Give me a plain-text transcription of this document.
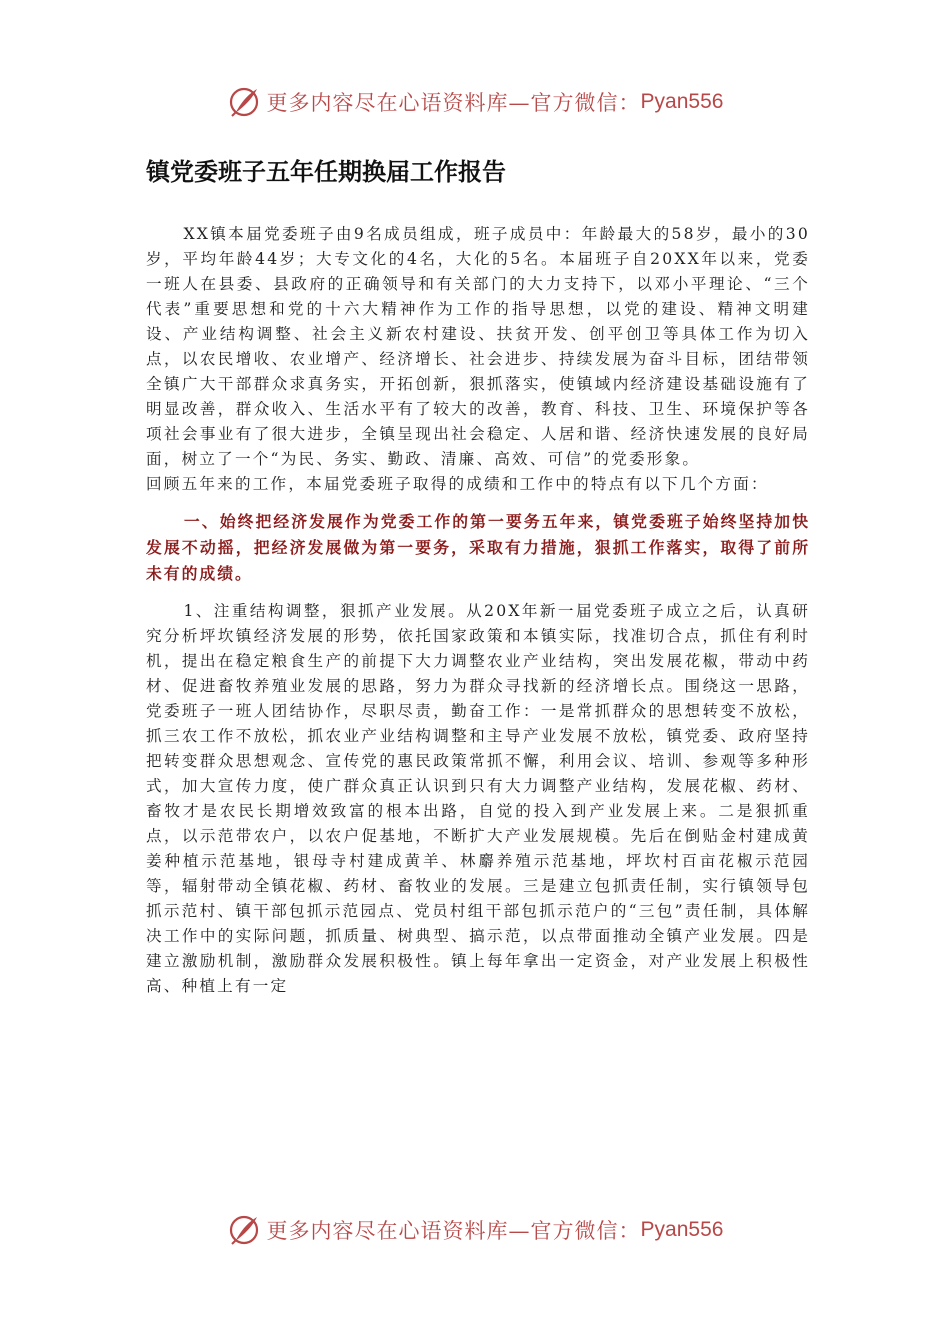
更多内容尽在心语资料库—官方微信： Pyan556
镇党委班子五年任期换届工作报告

XX镇本届党委班子由9名成员组成，班子成员中：年龄最大的58岁，最小的30岁，平均年龄44岁；大专文化的4名，大化的5名。本届班子自20XX年以来，党委一班人在县委、县政府的正确领导和有关部门的大力支持下，以邓小平理论、“三个代表”重要思想和党的十六大精神作为工作的指导思想，以党的建设、精神文明建设、产业结构调整、社会主义新农村建设、扶贫开发、创平创卫等具体工作为切入点，以农民增收、农业增产、经济增长、社会进步、持续发展为奋斗目标，团结带领全镇广大干部群众求真务实，开拓创新，狠抓落实，使镇域内经济建设基础设施有了明显改善，群众收入、生活水平有了较大的改善，教育、科技、卫生、环境保护等各项社会事业有了很大进步，全镇呈现出社会稳定、人居和谐、经济快速发展的良好局面，树立了一个“为民、务实、勤政、清廉、高效、可信”的党委形象。

回顾五年来的工作，本届党委班子取得的成绩和工作中的特点有以下几个方面：

一、始终把经济发展作为党委工作的第一要务五年来，镇党委班子始终坚持加快发展不动摇，把经济发展做为第一要务，采取有力措施，狠抓工作落实，取得了前所未有的成绩。

1、注重结构调整，狠抓产业发展。从20X年新一届党委班子成立之后，认真研究分析坪坎镇经济发展的形势，依托国家政策和本镇实际，找准切合点，抓住有利时机，提出在稳定粮食生产的前提下大力调整农业产业结构，突出发展花椒，带动中药材、促进畜牧养殖业发展的思路，努力为群众寻找新的经济增长点。围绕这一思路，党委班子一班人团结协作，尽职尽责，勤奋工作：一是常抓群众的思想转变不放松，抓三农工作不放松，抓农业产业结构调整和主导产业发展不放松，镇党委、政府坚持把转变群众思想观念、宣传党的惠民政策常抓不懈，利用会议、培训、参观等多种形式，加大宣传力度，使广群众真正认识到只有大力调整产业结构，发展花椒、药材、畜牧才是农民长期增效致富的根本出路，自觉的投入到产业发展上来。二是狠抓重点，以示范带农户，以农户促基地，不断扩大产业发展规模。先后在倒贴金村建成黄姜种植示范基地，银母寺村建成黄羊、林麝养殖示范基地，坪坎村百亩花椒示范园等，辐射带动全镇花椒、药材、畜牧业的发展。三是建立包抓责任制，实行镇领导包抓示范村、镇干部包抓示范园点、党员村组干部包抓示范户的“三包”责任制，具体解决工作中的实际问题，抓质量、树典型、搞示范，以点带面推动全镇产业发展。四是建立激励机制，激励群众发展积极性。镇上每年拿出一定资金，对产业发展上积极性高、种植上有一定

更多内容尽在心语资料库—官方微信： Pyan556
